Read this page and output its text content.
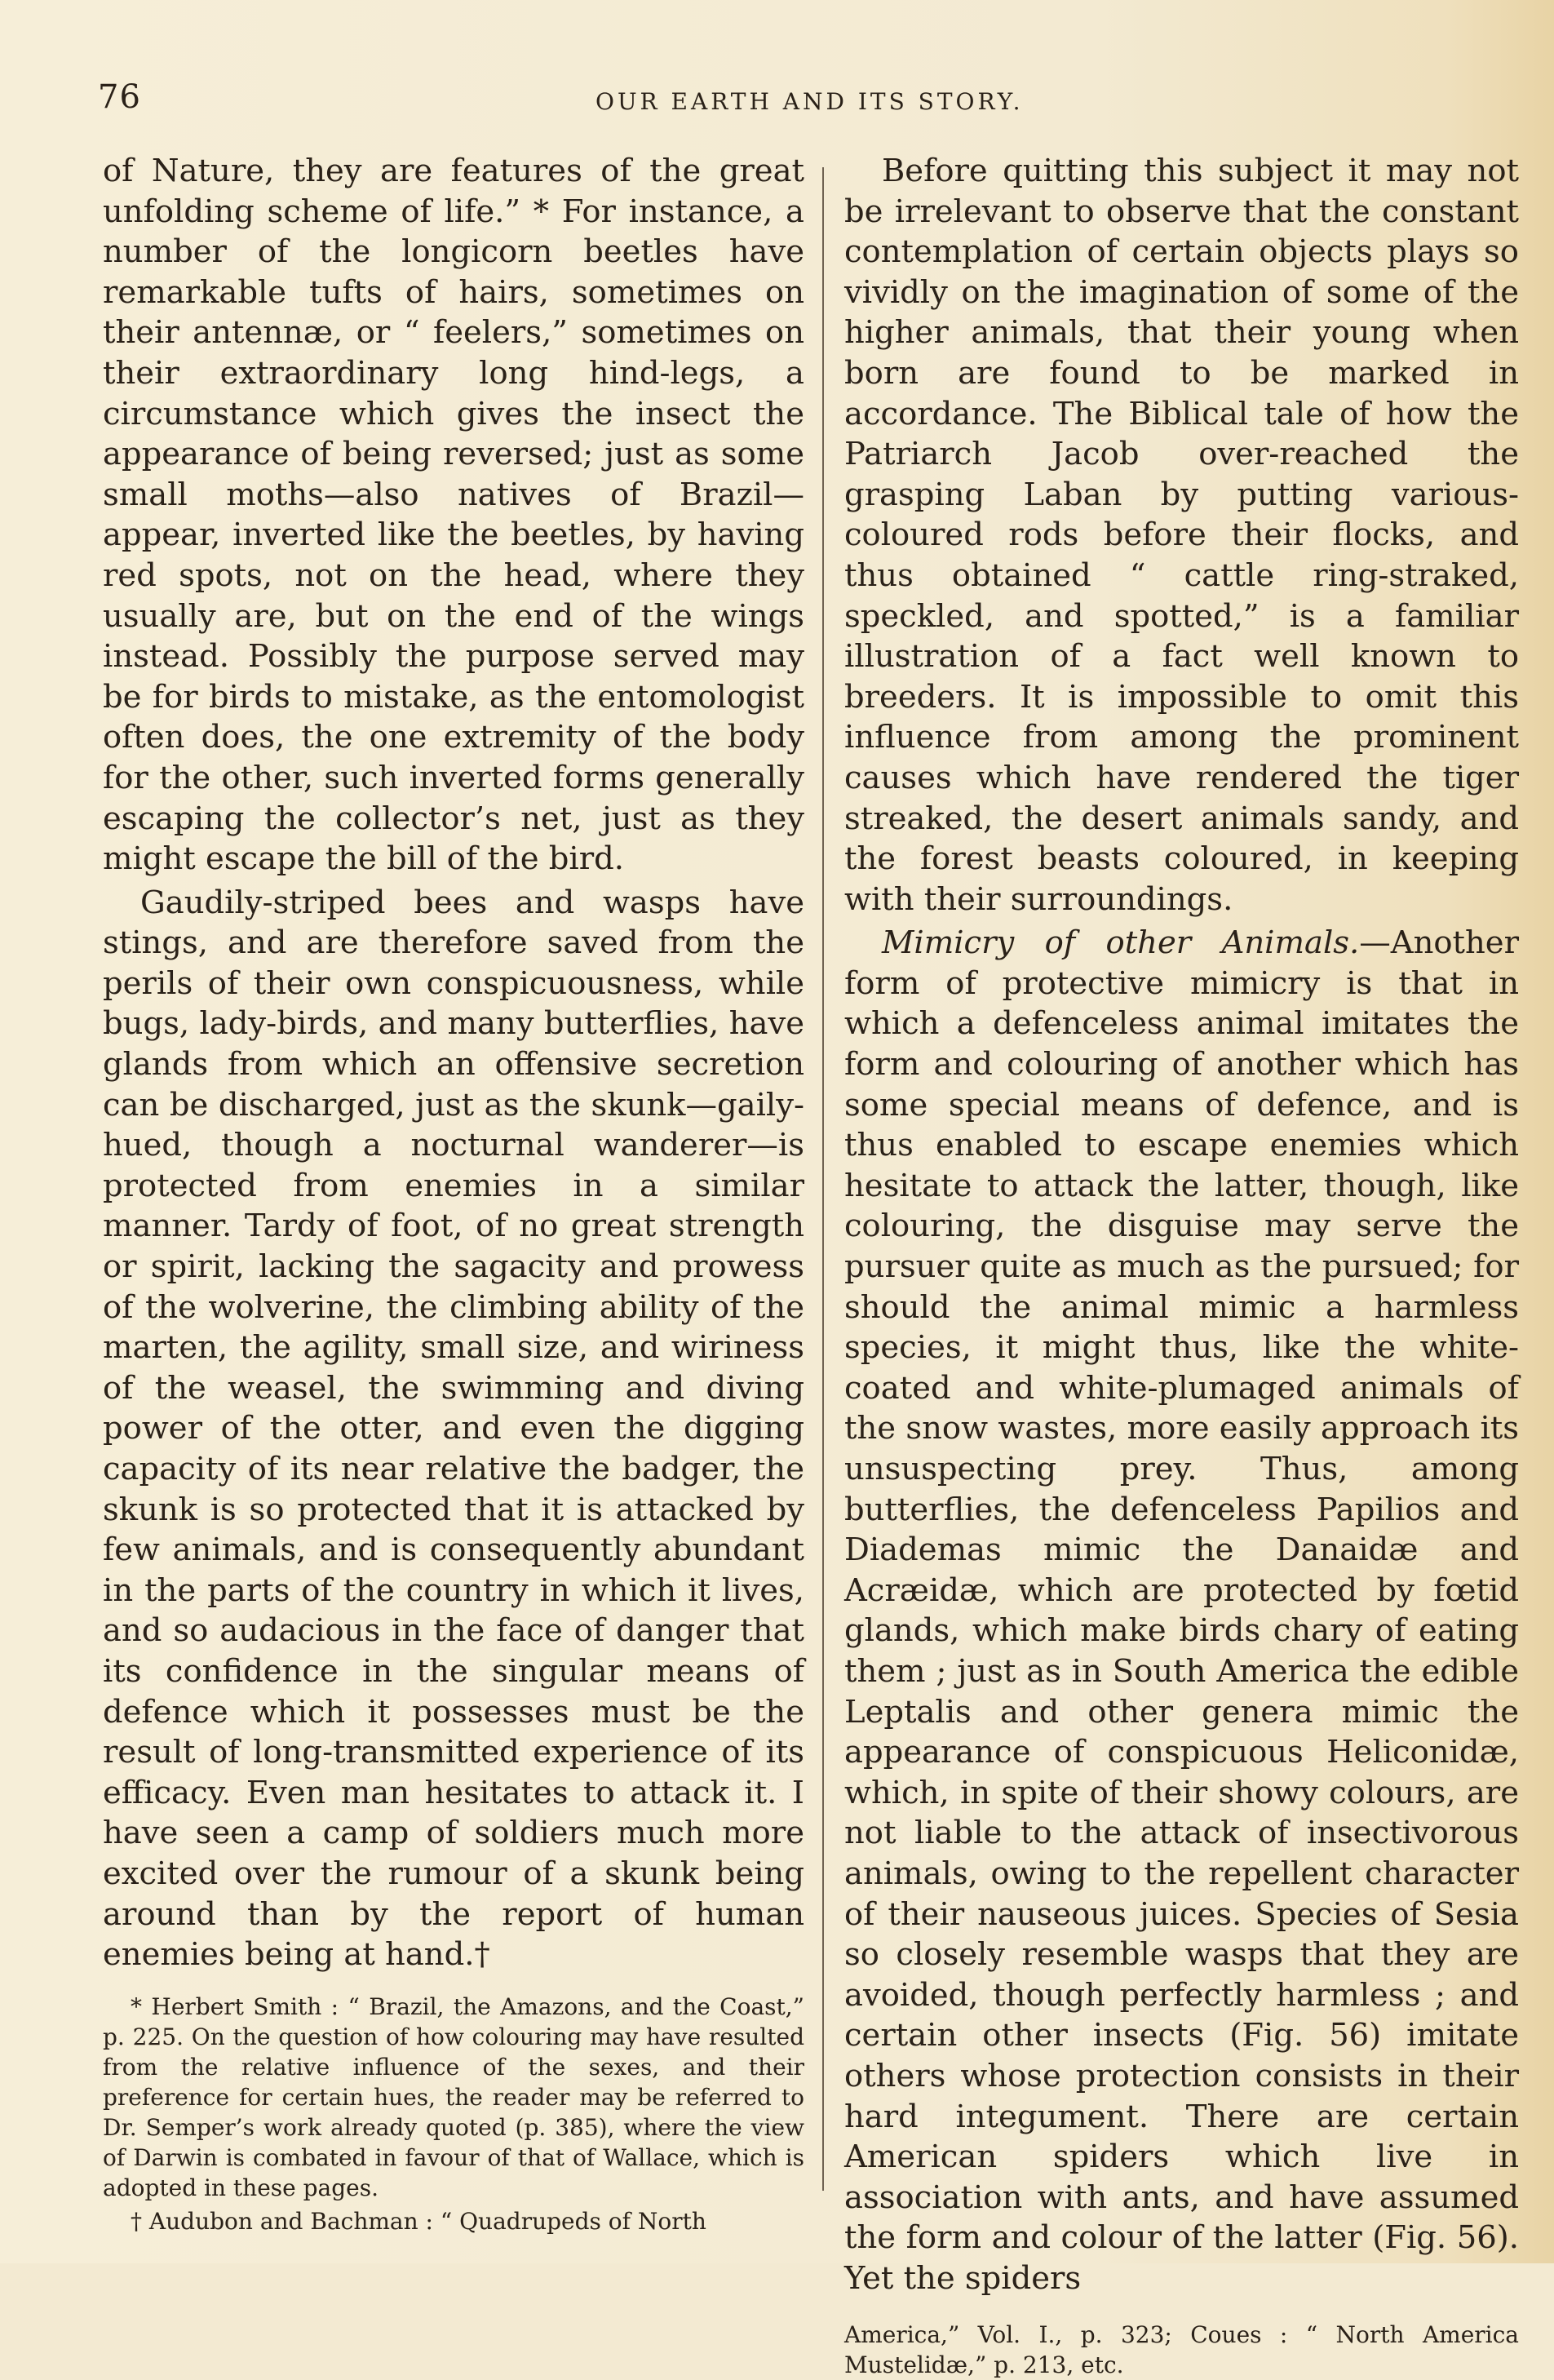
76	OUR EARTH AND ITS STORY.

of Nature, they are features of the great unfolding scheme of life.” * For instance, a number of the longicorn beetles have remarkable tufts of hairs, sometimes on their antennæ, or “ feelers,” sometimes on their extraordinary long hind-legs, a circumstance which gives the insect the appearance of being reversed; just as some small moths—also natives of Brazil—appear, inverted like the beetles, by having red spots, not on the head, where they usually are, but on the end of the wings instead. Possibly the purpose served may be for birds to mistake, as the entomologist often does, the one extremity of the body for the other, such inverted forms generally escaping the collector’s net, just as they might escape the bill of the bird.

Gaudily-striped bees and wasps have stings, and are therefore saved from the perils of their own conspicuousness, while bugs, lady-birds, and many butterflies, have glands from which an offensive secretion can be discharged, just as the skunk—gaily-hued, though a nocturnal wanderer—is protected from enemies in a similar manner. Tardy of foot, of no great strength or spirit, lacking the sagacity and prowess of the wolverine, the climbing ability of the marten, the agility, small size, and wiriness of the weasel, the swimming and diving power of the otter, and even the digging capacity of its near relative the badger, the skunk is so protected that it is attacked by few animals, and is consequently abundant in the parts of the country in which it lives, and so audacious in the face of danger that its confidence in the singular means of defence which it possesses must be the result of long-transmitted experience of its efficacy. Even man hesitates to attack it. I have seen a camp of soldiers much more excited over the rumour of a skunk being around than by the report of human enemies being at hand.†

* Herbert Smith : “ Brazil, the Amazons, and the Coast,” p. 225. On the question of how colouring may have resulted from the relative influence of the sexes, and their preference for certain hues, the reader may be referred to Dr. Semper’s work already quoted (p. 385), where the view of Darwin is combated in favour of that of Wallace, which is adopted in these pages.

† Audubon and Bachman : “ Quadrupeds of North

Before quitting this subject it may not be irrelevant to observe that the constant contemplation of certain objects plays so vividly on the imagination of some of the higher animals, that their young when born are found to be marked in accordance. The Biblical tale of how the Patriarch Jacob over-reached the grasping Laban by putting various-coloured rods before their flocks, and thus obtained “ cattle ring-straked, speckled, and spotted,” is a familiar illustration of a fact well known to breeders. It is impossible to omit this influence from among the prominent causes which have rendered the tiger streaked, the desert animals sandy, and the forest beasts coloured, in keeping with their surroundings.

Mimicry of other Animals.—Another form of protective mimicry is that in which a defenceless animal imitates the form and colouring of another which has some special means of defence, and is thus enabled to escape enemies which hesitate to attack the latter, though, like colouring, the disguise may serve the pursuer quite as much as the pursued; for should the animal mimic a harmless species, it might thus, like the white-coated and white-plumaged animals of the snow wastes, more easily approach its unsuspecting prey. Thus, among butterflies, the defenceless Papilios and Diademas mimic the Danaidæ and Acræidæ, which are protected by fœtid glands, which make birds chary of eating them ; just as in South America the edible Leptalis and other genera mimic the appearance of conspicuous Heliconidæ, which, in spite of their showy colours, are not liable to the attack of insectivorous animals, owing to the repellent character of their nauseous juices. Species of Sesia so closely resemble wasps that they are avoided, though perfectly harmless ; and certain other insects (Fig. 56) imitate others whose protection consists in their hard integument. There are certain American spiders which live in association with ants, and have assumed the form and colour of the latter (Fig. 56). Yet the spiders

America,” Vol. I., p. 323; Coues : “ North America Mustelidæ,” p. 213, etc.
